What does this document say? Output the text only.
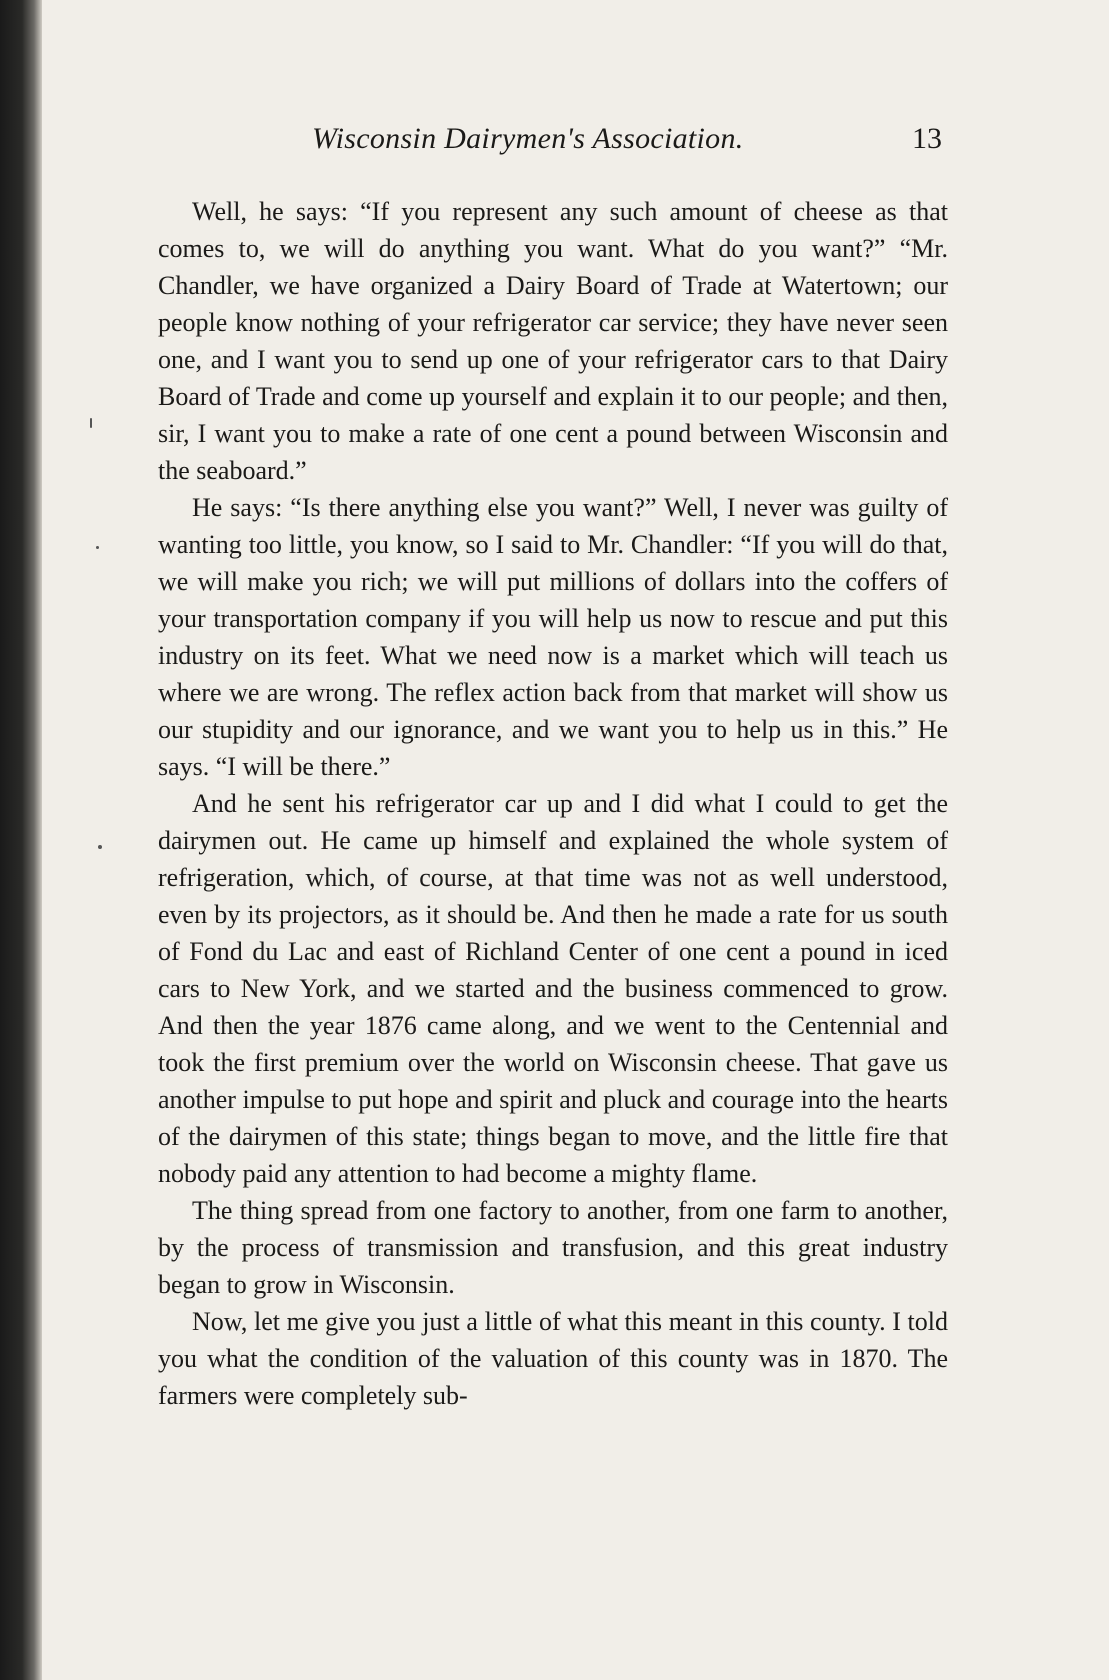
Wisconsin Dairymen's Association.	13

Well, he says: “If you represent any such amount of cheese as that comes to, we will do anything you want. What do you want?” “Mr. Chandler, we have organized a Dairy Board of Trade at Watertown; our people know nothing of your refrigerator car service; they have never seen one, and I want you to send up one of your refrigerator cars to that Dairy Board of Trade and come up yourself and explain it to our people; and then, sir, I want you to make a rate of one cent a pound between Wisconsin and the seaboard.”

He says: “Is there anything else you want?” Well, I never was guilty of wanting too little, you know, so I said to Mr. Chandler: “If you will do that, we will make you rich; we will put millions of dollars into the coffers of your transportation company if you will help us now to rescue and put this industry on its feet. What we need now is a market which will teach us where we are wrong. The reflex action back from that market will show us our stupidity and our ignorance, and we want you to help us in this.” He says. “I will be there.”

And he sent his refrigerator car up and I did what I could to get the dairymen out. He came up himself and explained the whole system of refrigeration, which, of course, at that time was not as well understood, even by its projectors, as it should be. And then he made a rate for us south of Fond du Lac and east of Richland Center of one cent a pound in iced cars to New York, and we started and the business commenced to grow. And then the year 1876 came along, and we went to the Centennial and took the first premium over the world on Wisconsin cheese. That gave us another impulse to put hope and spirit and pluck and courage into the hearts of the dairymen of this state; things began to move, and the little fire that nobody paid any attention to had become a mighty flame.

The thing spread from one factory to another, from one farm to another, by the process of transmission and transfusion, and this great industry began to grow in Wisconsin.

Now, let me give you just a little of what this meant in this county. I told you what the condition of the valuation of this county was in 1870. The farmers were completely sub-
